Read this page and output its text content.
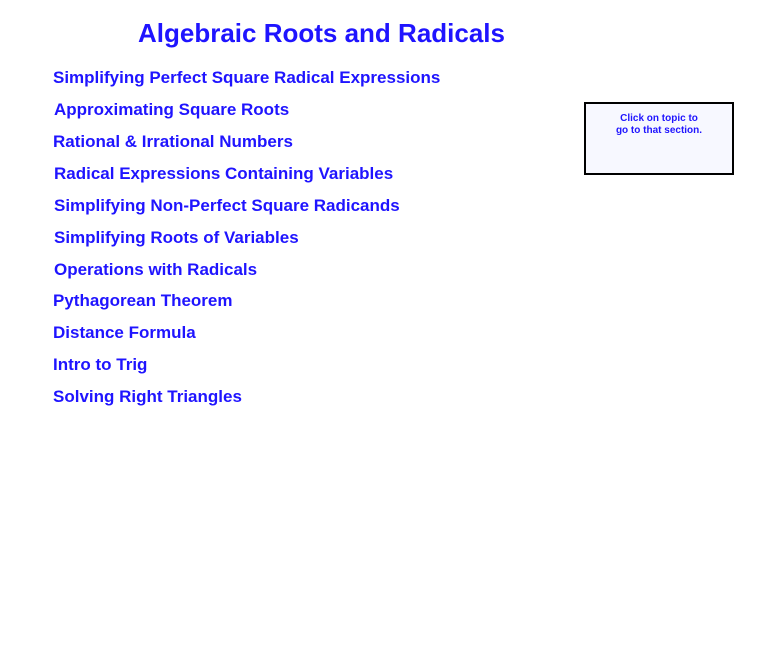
Algebraic Roots and Radicals
Simplifying Perfect Square Radical Expressions
Approximating Square Roots
Rational & Irrational Numbers
Radical Expressions Containing Variables
Simplifying Non-Perfect Square Radicands
Simplifying Roots of Variables
Operations with Radicals
Pythagorean Theorem
Distance Formula
Intro to Trig
Solving Right Triangles
Click on topic to go to that section.
